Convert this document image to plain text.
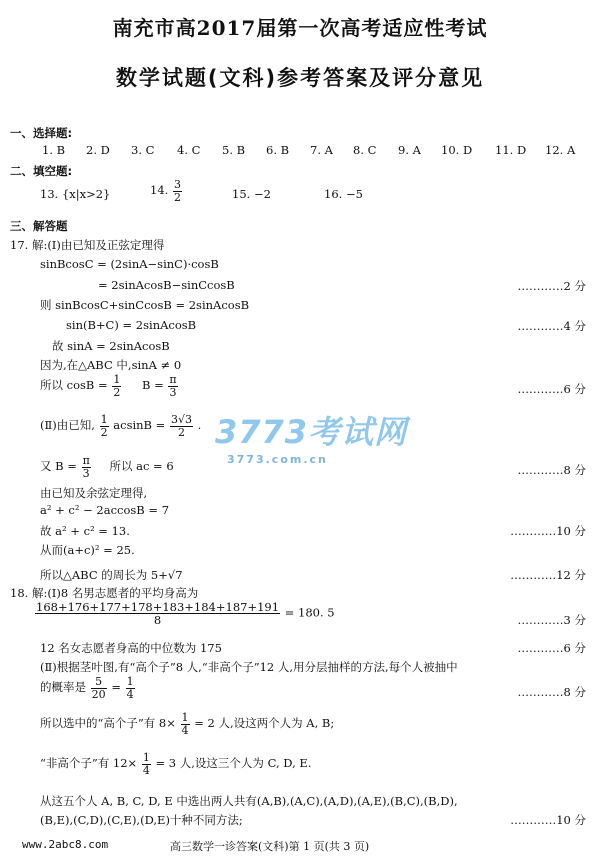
南充市高2017届第一次高考适应性考试
数学试题(文科)参考答案及评分意见
一、选择题:
1. B 2. D 3. C 4. C 5. B 6. B 7. A 8. C 9. A 10. D 11. D 12. A
二、填空题:
13. {x|x>2}	14. $\frac{3}{2}$	15. −2	16. −5
三、解答题
17. 解:(Ⅰ)由已知及正弦定理得
sinBcosC = (2sinA−sinC)·cosB
= 2sinAcosB−sinCcosB	…………2 分
则 sinBcosC+sinCcosB = 2sinAcosB
sin(B+C) = 2sinAcosB	…………4 分
故 sinA = 2sinAcosB
因为,在△ABC 中,sinA ≠ 0
所以 $\cos B = \frac{1}{2}$ $B = \frac{\pi}{3}$	…………6 分
(Ⅱ)由已知, $\frac{1}{2}$ $acsinB = \frac{3√3}{2}$ . 3773考试网
3773.com.cn
又 $B = \frac{\pi}{3}$ 所以 ac = 6	…………8 分
由已知及余弦定理得,
a² + c² − 2accosB = 7
故 a² + c² = 13.	…………10 分
从而(a+c)² = 25.
所以△ABC 的周长为 5+√7	…………12 分
18. 解:(Ⅰ)8 名男志愿者的平均身高为
$\frac{168+176+177+178+183+184+187+191}{8} = 180$. 5
…………3 分
12 名女志愿者身高的中位数为 175	…………6 分
(Ⅱ)根据茎叶图,有“高个子”8 人,“非高个子”12 人,用分层抽样的方法,每个人被抽中
的概率是 $\frac{5}{20} = \frac{1}{4}$	…………8 分
所以选中的“高个子”有 $8\times \frac{1}{4} = 2$ 人,设这两个人为 A, B;
“非高个子”有 $12\times \frac{1}{4} = 3$ 人,设这三个人为 C, D, E.
从这五个人 A, B, C, D, E 中选出两人共有(A,B),(A,C),(A,D),(A,E),(B,C),(B,D),
(B,E),(C,D),(C,E),(D,E)十种不同方法;	…………10 分
www.2abc8.com	高三数学一诊答案(文科)第 1 页(共 3 页)
